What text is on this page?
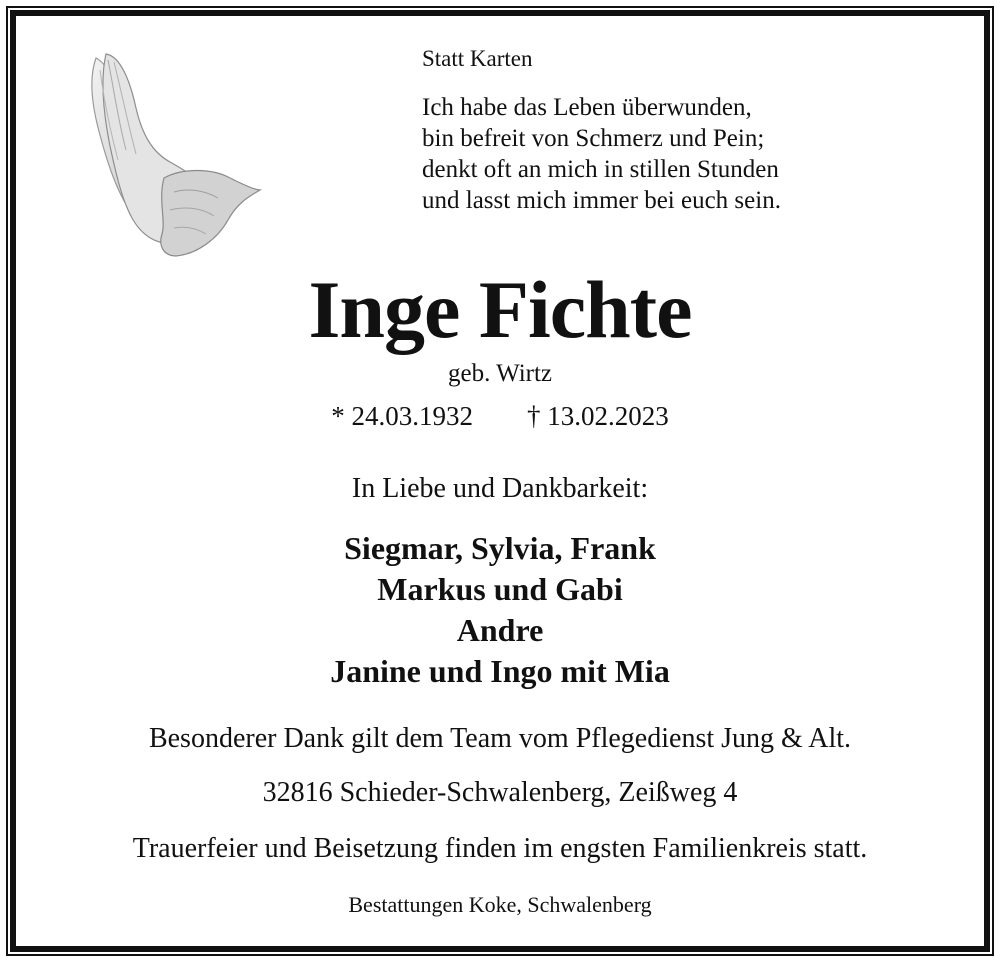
Statt Karten
Ich habe das Leben überwunden,
bin befreit von Schmerz und Pein;
denkt oft an mich in stillen Stunden
und lasst mich immer bei euch sein.
Inge Fichte
geb. Wirtz
* 24.03.1932 † 13.02.2023
In Liebe und Dankbarkeit:
Siegmar, Sylvia, Frank
Markus und Gabi
Andre
Janine und Ingo mit Mia
Besonderer Dank gilt dem Team vom Pflegedienst Jung & Alt.
32816 Schieder-Schwalenberg, Zeißweg 4
Trauerfeier und Beisetzung finden im engsten Familienkreis statt.
Bestattungen Koke, Schwalenberg
